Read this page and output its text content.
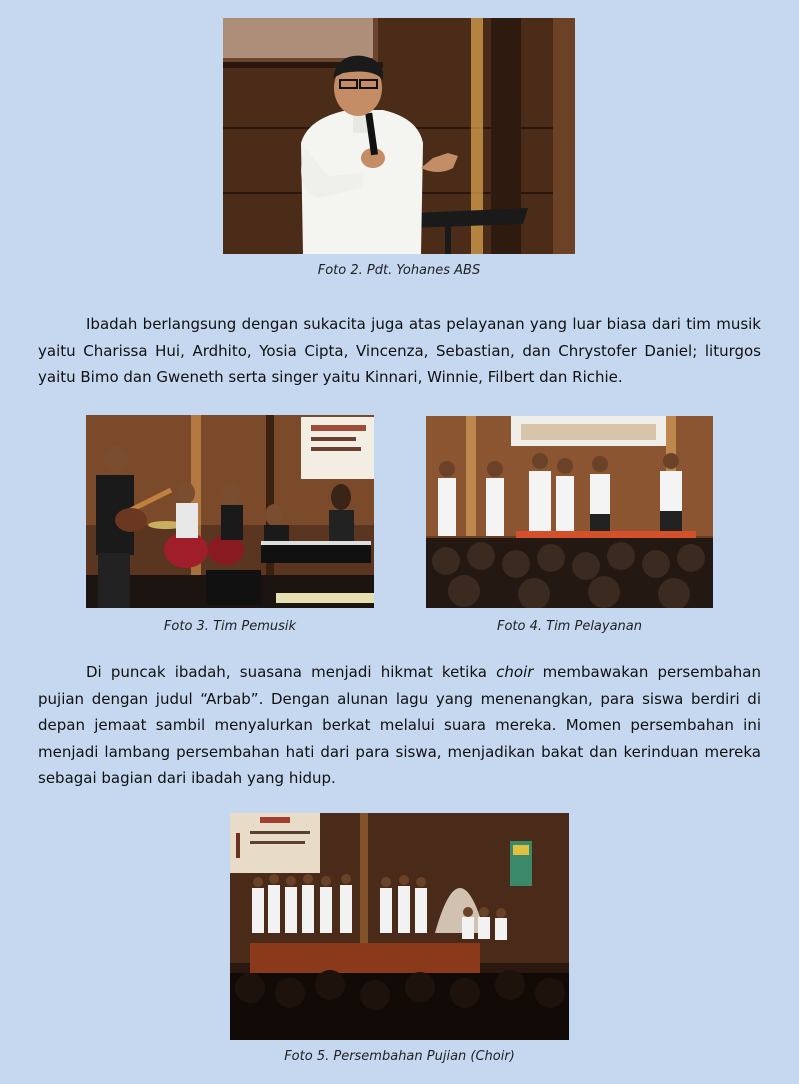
Foto 2. Pdt. Yohanes ABS

Ibadah berlangsung dengan sukacita juga atas pelayanan yang luar biasa dari tim musik yaitu Charissa Hui, Ardhito, Yosia Cipta, Vincenza, Sebastian, dan Chrystofer Daniel; liturgos yaitu Bimo dan Gweneth serta singer yaitu Kinnari, Winnie, Filbert dan Richie.

Foto 3. Tim Pemusik	Foto 4. Tim Pelayanan

Di puncak ibadah, suasana menjadi hikmat ketika choir membawakan persembahan pujian dengan judul “Arbab”. Dengan alunan lagu yang menenangkan, para siswa berdiri di depan jemaat sambil menyalurkan berkat melalui suara mereka. Momen persembahan ini menjadi lambang persembahan hati dari para siswa, menjadikan bakat dan kerinduan mereka sebagai bagian dari ibadah yang hidup.

Foto 5. Persembahan Pujian (Choir)
